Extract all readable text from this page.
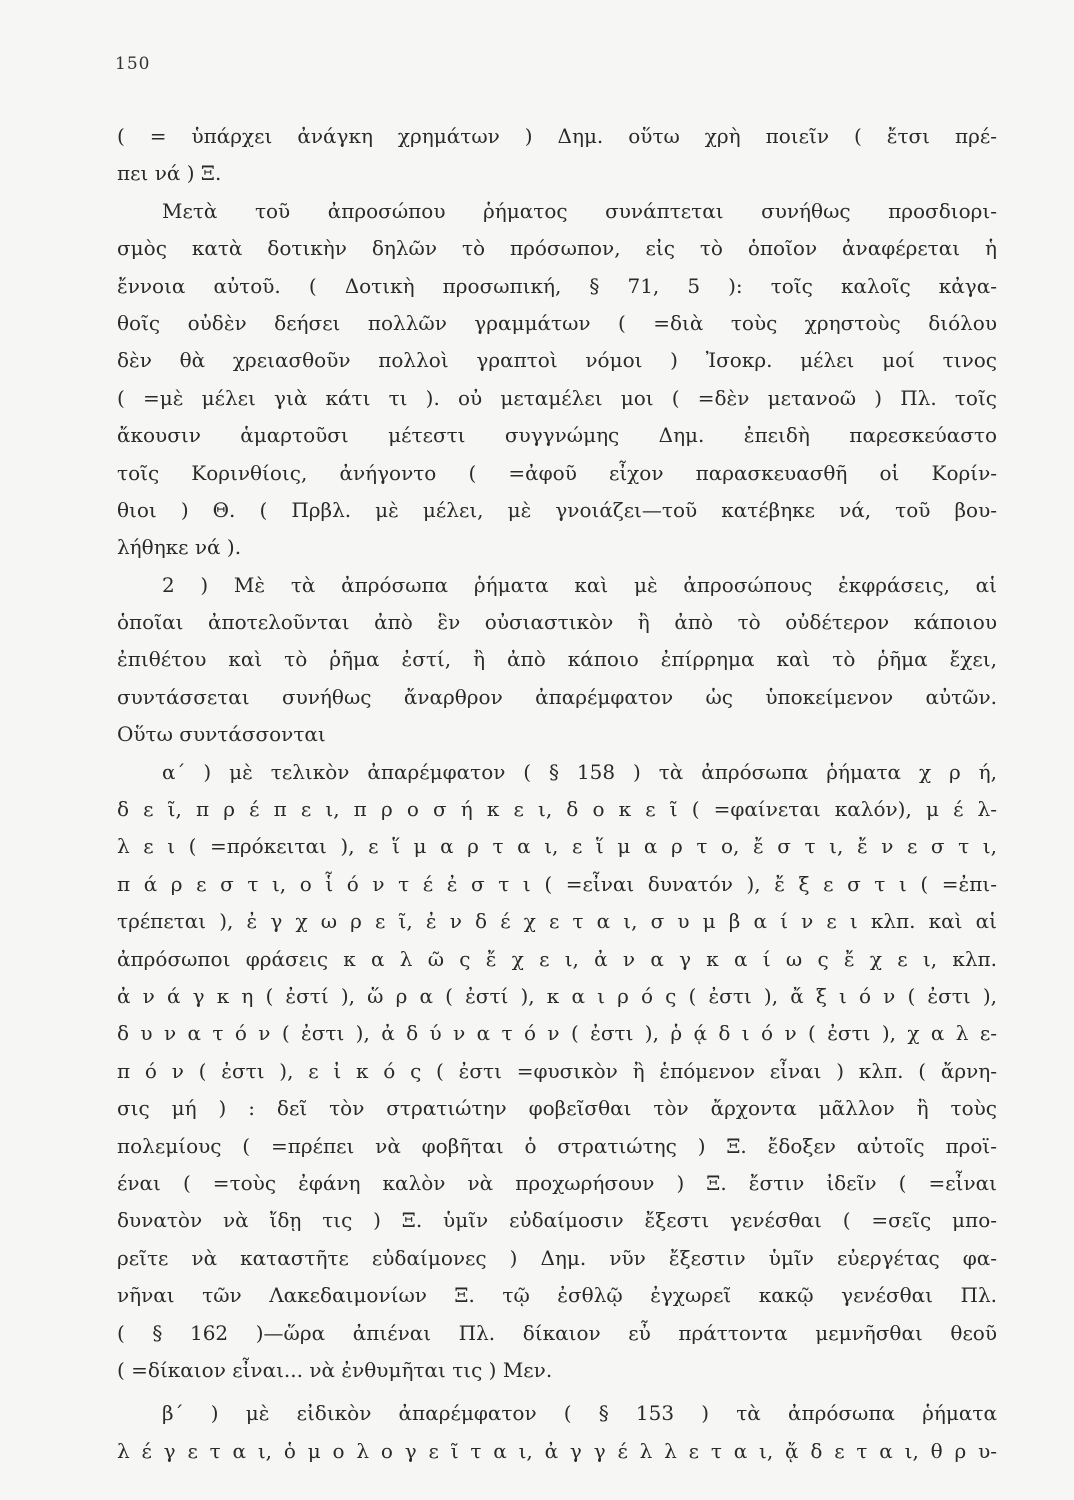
150
( = ὑπάρχει ἀνάγκη χρημάτων ) Δημ. οὕτω χρὴ ποιεῖν ( ἔτσι πρέ-
πει νά ) Ξ.
Μετὰ τοῦ ἀπροσώπου ῥήματος συνάπτεται συνήθως προσδιορι-
σμὸς κατὰ δοτικὴν δηλῶν τὸ πρόσωπον, εἰς τὸ ὁποῖον ἀναφέρεται ἡ
ἔννοια αὐτοῦ. ( Δοτικὴ προσωπική, § 71, 5 ): τοῖς καλοῖς κἀγα-
θοῖς οὐδὲν δεήσει πολλῶν γραμμάτων ( =διὰ τοὺς χρηστοὺς διόλου
δὲν θὰ χρειασθοῦν πολλοὶ γραπτοὶ νόμοι ) Ἰσοκρ. μέλει μοί τινος
( =μὲ μέλει γιὰ κάτι τι ). οὐ μεταμέλει μοι ( =δὲν μετανοῶ ) Πλ. τοῖς
ἄκουσιν ἁμαρτοῦσι μέτεστι συγγνώμης Δημ. ἐπειδὴ παρεσκεύαστο
τοῖς Κορινθίοις, ἀνήγοντο ( =ἀφοῦ εἶχον παρασκευασθῆ οἱ Κορίν-
θιοι ) Θ. ( Πρβλ. μὲ μέλει, μὲ γνοιάζει—τοῦ κατέβηκε νά, τοῦ βου-
λήθηκε νά ).
2 ) Μὲ τὰ ἀπρόσωπα ῥήματα καὶ μὲ ἀπροσώπους ἐκφράσεις, αἱ
ὁποῖαι ἀποτελοῦνται ἀπὸ ἓν οὐσιαστικὸν ἢ ἀπὸ τὸ οὐδέτερον κάποιου
ἐπιθέτου καὶ τὸ ῥῆμα ἐστί, ἢ ἀπὸ κάποιο ἐπίρρημα καὶ τὸ ῥῆμα ἔχει,
συντάσσεται συνήθως ἄναρθρον ἀπαρέμφατον ὡς ὑποκείμενον αὐτῶν.
Οὕτω συντάσσονται
α΄ ) μὲ τελικὸν ἀπαρέμφατον ( § 158 ) τὰ ἀπρόσωπα ῥήματα χ ρ ή,
δ ε ῖ, π ρ έ π ε ι, π ρ ο σ ή κ ε ι, δ ο κ ε ῖ ( =φαίνεται καλόν), μ έ λ-
λ ε ι ( =πρόκειται ), ε ἵ μ α ρ τ α ι, ε ἵ μ α ρ τ ο, ἔ σ τ ι, ἔ ν ε σ τ ι,
π ά ρ ε σ τ ι, ο ἷ ό ν τ έ ἐ σ τ ι ( =εἶναι δυνατόν ), ἔ ξ ε σ τ ι ( =ἐπι-
τρέπεται ), ἐ γ χ ω ρ ε ῖ, ἐ ν δ έ χ ε τ α ι, σ υ μ β α ί ν ε ι κλπ. καὶ αἱ
ἀπρόσωποι φράσεις κ α λ ῶ ς ἔ χ ε ι, ἀ ν α γ κ α ί ω ς ἔ χ ε ι, κλπ.
ἀ ν ά γ κ η ( ἐστί ), ὥ ρ α ( ἐστί ), κ α ι ρ ό ς ( ἐστι ), ἄ ξ ι ό ν ( ἐστι ),
δ υ ν α τ ό ν ( ἐστι ), ἀ δ ύ ν α τ ό ν ( ἐστι ), ῥ ᾴ δ ι ό ν ( ἐστι ), χ α λ ε-
π ό ν ( ἐστι ), ε ἰ κ ό ς ( ἐστι =φυσικὸν ἢ ἑπόμενον εἶναι ) κλπ. ( ἄρνη-
σις μή ) : δεῖ τὸν στρατιώτην φοβεῖσθαι τὸν ἄρχοντα μᾶλλον ἢ τοὺς
πολεμίους ( =πρέπει νὰ φοβῆται ὁ στρατιώτης ) Ξ. ἔδοξεν αὐτοῖς προϊ-
έναι ( =τοὺς ἐφάνη καλὸν νὰ προχωρήσουν ) Ξ. ἔστιν ἰδεῖν ( =εἶναι
δυνατὸν νὰ ἴδῃ τις ) Ξ. ὑμῖν εὐδαίμοσιν ἔξεστι γενέσθαι ( =σεῖς μπο-
ρεῖτε νὰ καταστῆτε εὐδαίμονες ) Δημ. νῦν ἔξεστιν ὑμῖν εὐεργέτας φα-
νῆναι τῶν Λακεδαιμονίων Ξ. τῷ ἐσθλῷ ἐγχωρεῖ κακῷ γενέσθαι Πλ.
( § 162 )—ὥρα ἀπιέναι Πλ. δίκαιον εὖ πράττοντα μεμνῆσθαι θεοῦ
( =δίκαιον εἶναι... νὰ ἐνθυμῆται τις ) Μεν.
β΄ ) μὲ εἰδικὸν ἀπαρέμφατον ( § 153 ) τὰ ἀπρόσωπα ῥήματα
λ έ γ ε τ α ι, ὁ μ ο λ ο γ ε ῖ τ α ι, ἀ γ γ έ λ λ ε τ α ι, ᾄ δ ε τ α ι, θ ρ υ-
